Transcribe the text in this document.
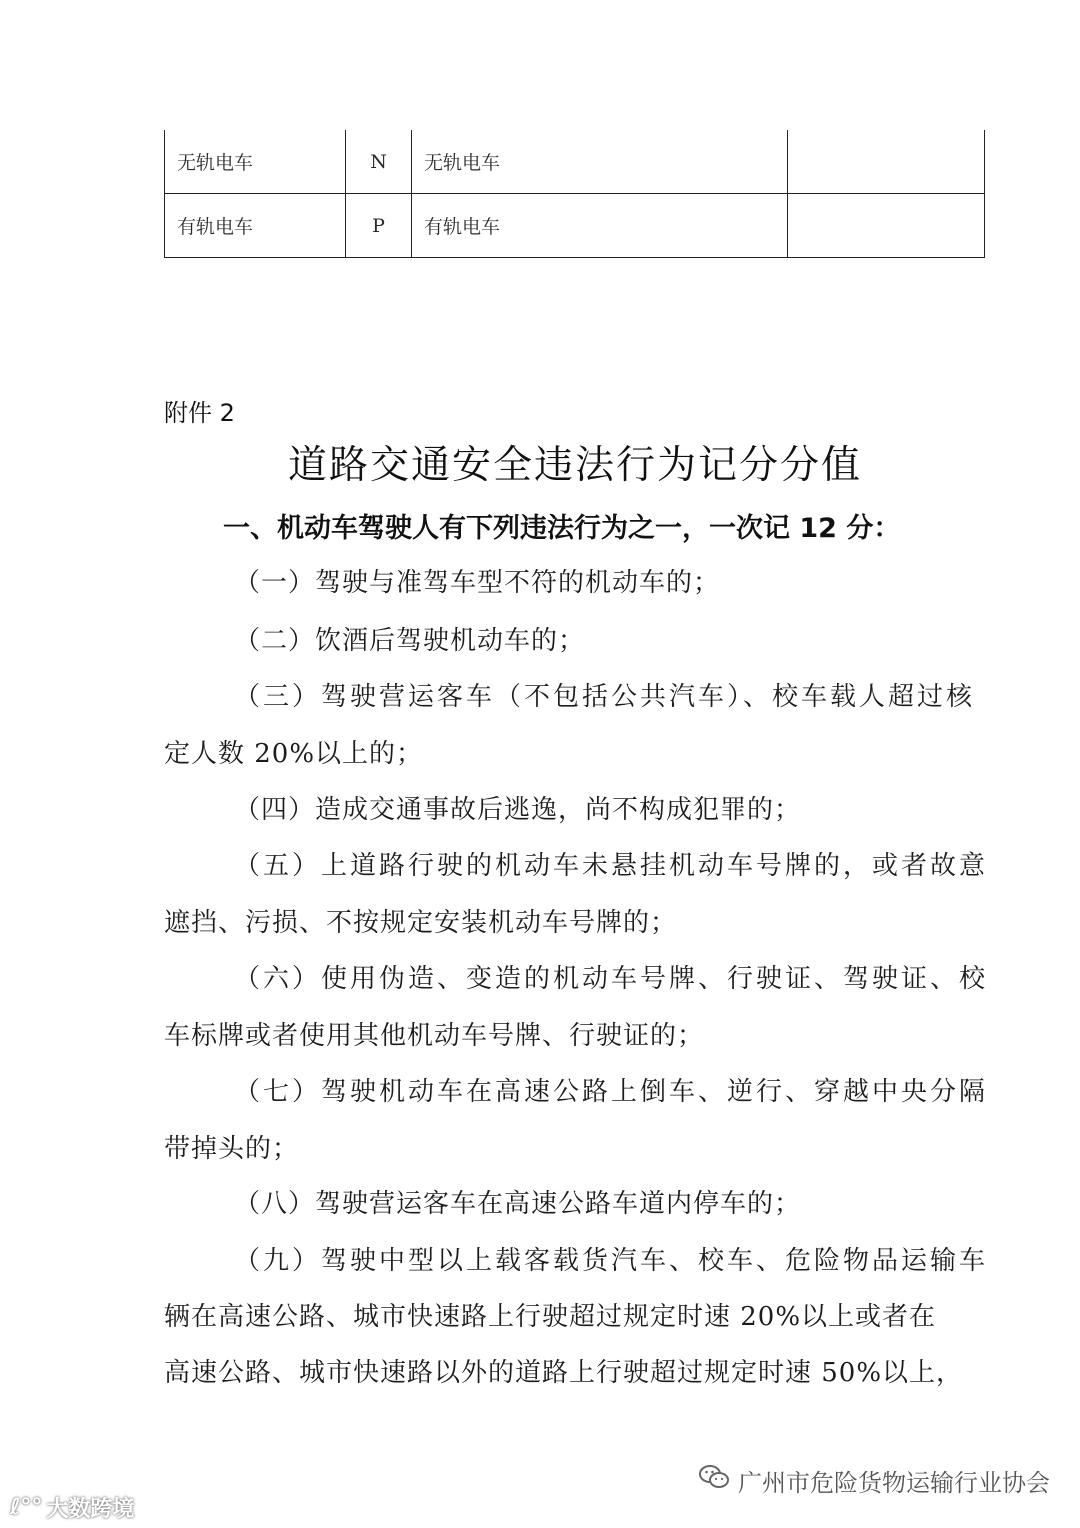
无轨电车	N	无轨电车	
有轨电车	P	有轨电车	
附件 2
道路交通安全违法行为记分分值
一、机动车驾驶人有下列违法行为之一，一次记 12 分：
（一）驾驶与准驾车型不符的机动车的；
（二）饮酒后驾驶机动车的；
（三）驾驶营运客车（不包括公共汽车）、校车载人超过核
定人数 20%以上的；
（四）造成交通事故后逃逸，尚不构成犯罪的；
（五）上道路行驶的机动车未悬挂机动车号牌的，或者故意
遮挡、污损、不按规定安装机动车号牌的；
（六）使用伪造、变造的机动车号牌、行驶证、驾驶证、校
车标牌或者使用其他机动车号牌、行驶证的；
（七）驾驶机动车在高速公路上倒车、逆行、穿越中央分隔
带掉头的；
（八）驾驶营运客车在高速公路车道内停车的；
（九）驾驶中型以上载客载货汽车、校车、危险物品运输车
辆在高速公路、城市快速路上行驶超过规定时速 20%以上或者在
高速公路、城市快速路以外的道路上行驶超过规定时速 50%以上，
ℓ°° 大数跨境
广州市危险货物运输行业协会
